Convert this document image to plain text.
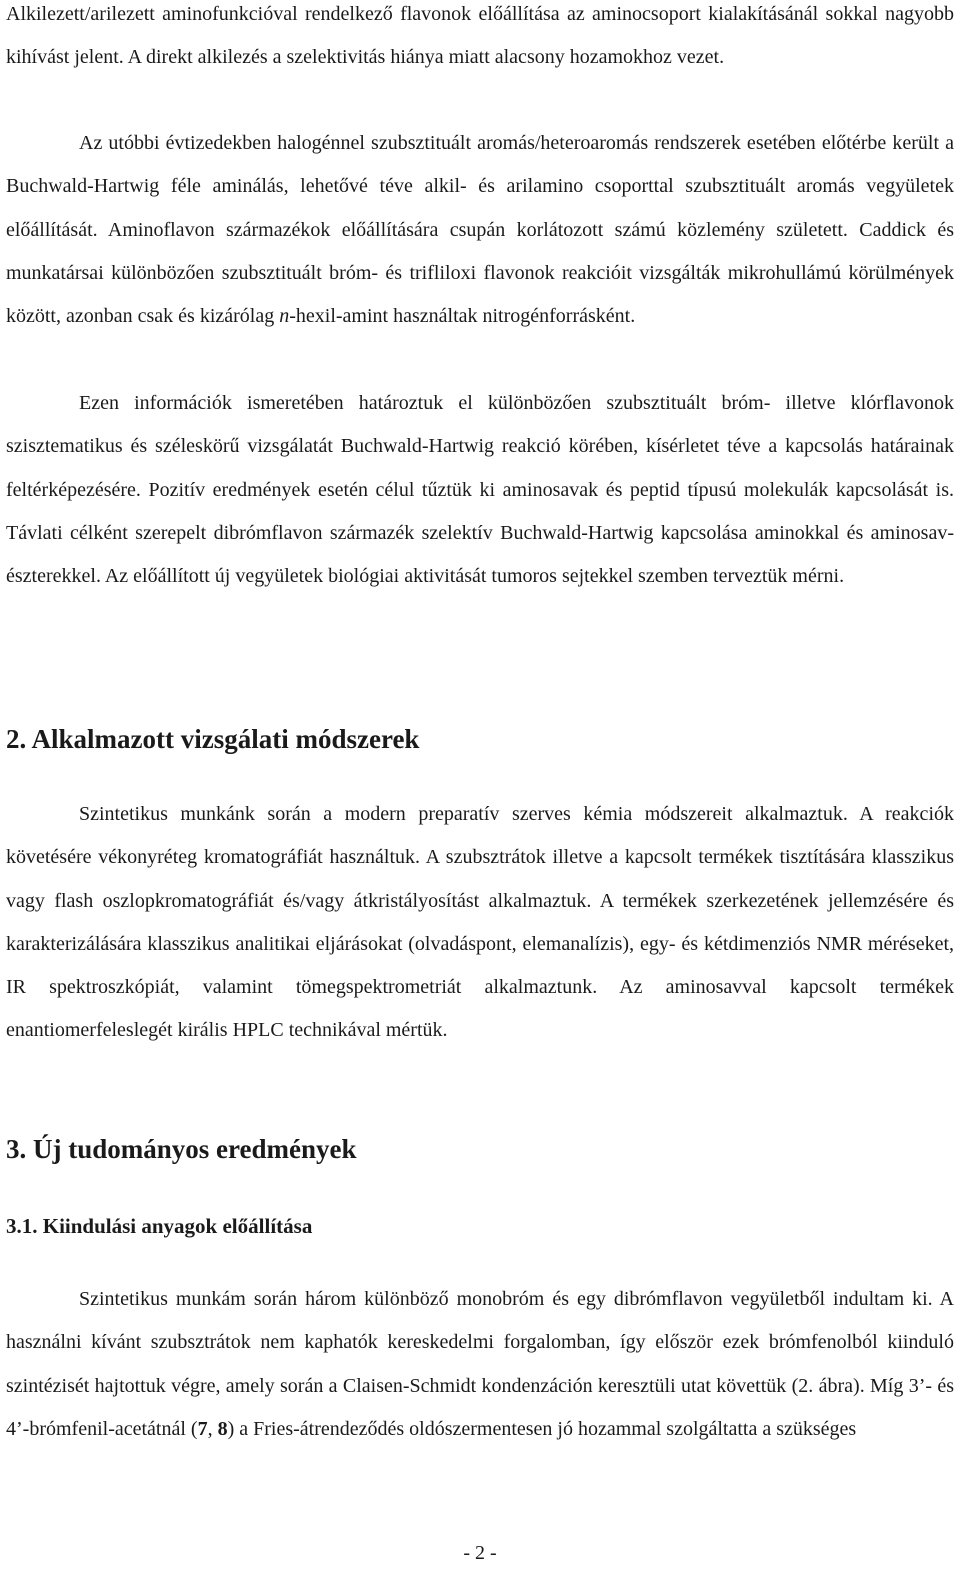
Alkilezett/arilezett aminofunkcióval rendelkező flavonok előállítása az aminocsoport kialakításánál sokkal nagyobb kihívást jelent. A direkt alkilezés a szelektivitás hiánya miatt alacsony hozamokhoz vezet.

Az utóbbi évtizedekben halogénnel szubsztituált aromás/heteroaromás rendszerek esetében előtérbe került a Buchwald-Hartwig féle aminálás, lehetővé téve alkil- és arilamino csoporttal szubsztituált aromás vegyületek előállítását. Aminoflavon származékok előállítására csupán korlátozott számú közlemény született. Caddick és munkatársai különbözően szubsztituált bróm- és trifliloxi flavonok reakcióit vizsgálták mikrohullámú körülmények között, azonban csak és kizárólag n-hexil-amint használtak nitrogénforrásként.

Ezen információk ismeretében határoztuk el különbözően szubsztituált bróm- illetve klórflavonok szisztematikus és széleskörű vizsgálatát Buchwald-Hartwig reakció körében, kísérletet téve a kapcsolás határainak feltérképezésére. Pozitív eredmények esetén célul tűztük ki aminosavak és peptid típusú molekulák kapcsolását is. Távlati célként szerepelt dibrómflavon származék szelektív Buchwald-Hartwig kapcsolása aminokkal és aminosav-észterekkel. Az előállított új vegyületek biológiai aktivitását tumoros sejtekkel szemben terveztük mérni.

2. Alkalmazott vizsgálati módszerek

Szintetikus munkánk során a modern preparatív szerves kémia módszereit alkalmaztuk. A reakciók követésére vékonyréteg kromatográfiát használtuk. A szubsztrátok illetve a kapcsolt termékek tisztítására klasszikus vagy flash oszlopkromatográfiát és/vagy átkristályosítást alkalmaztuk. A termékek szerkezetének jellemzésére és karakterizálására klasszikus analitikai eljárásokat (olvadáspont, elemanalízis), egy- és kétdimenziós NMR méréseket, IR spektroszkópiát, valamint tömegspektrometriát alkalmaztunk. Az aminosavval kapcsolt termékek enantiomerfeleslegét királis HPLC technikával mértük.

3. Új tudományos eredmények
3.1. Kiindulási anyagok előállítása

Szintetikus munkám során három különböző monobróm és egy dibrómflavon vegyületből indultam ki. A használni kívánt szubsztrátok nem kaphatók kereskedelmi forgalomban, így először ezek brómfenolból kiinduló szintézisét hajtottuk végre, amely során a Claisen-Schmidt kondenzáción keresztüli utat követtük (2. ábra). Míg 3’- és 4’-brómfenil-acetátnál (7, 8) a Fries-átrendeződés oldószermentesen jó hozammal szolgáltatta a szükséges

- 2 -
